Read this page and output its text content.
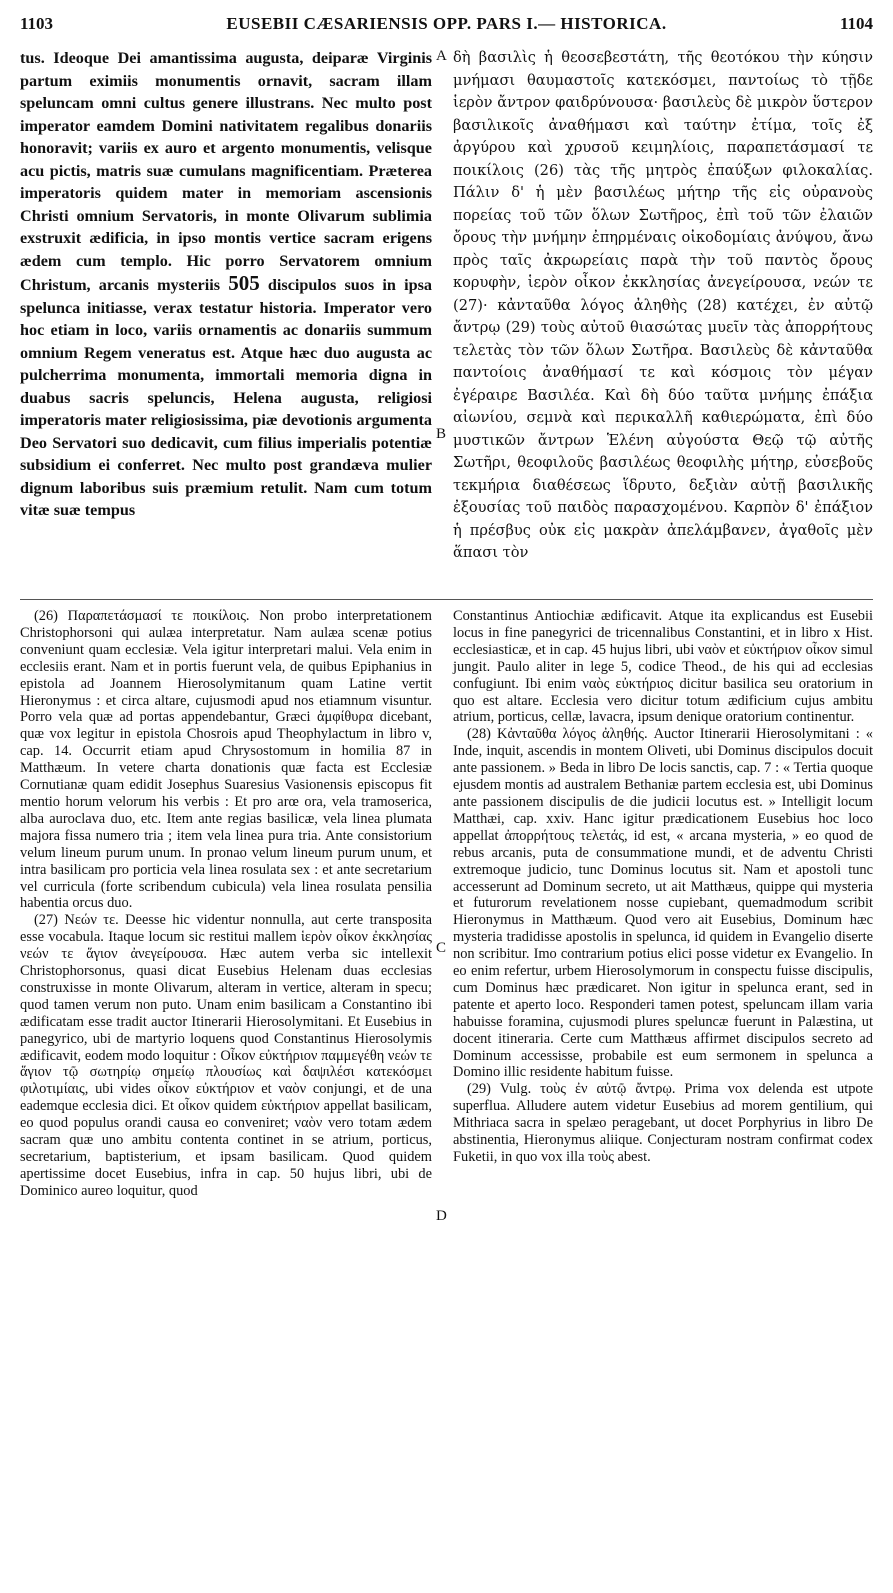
1103	EUSEBII CÆSARIENSIS OPP. PARS I.— HISTORICA.	1104

tus. Ideoque Dei amantissima augusta, deiparæ Virginis partum eximiis monumentis ornavit, sacram illam speluncam omni cultus genere illustrans. Nec multo post imperator eamdem Domini nativitatem regalibus donariis honoravit; variis ex auro et argento monumentis, velisque acu pictis, matris suæ cumulans magnificentiam. Præterea imperatoris quidem mater in memoriam ascensionis Christi omnium Servatoris, in monte Olivarum sublimia exstruxit ædificia, in ipso montis vertice sacram erigens ædem cum templo. Hic porro Servatorem omnium Christum, arcanis mysteriis 505 discipulos suos in ipsa spelunca initiasse, verax testatur historia. Imperator vero hoc etiam in loco, variis ornamentis ac donariis summum omnium Regem veneratus est. Atque hæc duo augusta ac pulcherrima monumenta, immortali memoria digna in duabus sacris speluncis, Helena augusta, religiosi imperatoris mater religiosissima, piæ devotionis argumenta Deo Servatori suo dedicavit, cum filius imperialis potentiæ subsidium ei conferret. Nec multo post grandæva mulier dignum laboribus suis præmium retulit. Nam cum totum vitæ suæ tempus

A
B
C
D

δὴ βασιλὶς ἡ θεοσεβεστάτη, τῆς θεοτόκου τὴν κύησιν μνήμασι θαυμαστοῖς κατεκόσμει, παντοίως τὸ τῇδε ἱερὸν ἄντρον φαιδρύνουσα· βασιλεὺς δὲ μικρὸν ὕστερον βασιλικοῖς ἀναθήμασι καὶ ταύτην ἐτίμα, τοῖς ἐξ ἀργύρου καὶ χρυσοῦ κειμηλίοις, παραπετάσμασί τε ποικίλοις (26) τὰς τῆς μητρὸς ἐπαύξων φιλοκαλίας. Πάλιν δ' ἡ μὲν βασιλέως μήτηρ τῆς εἰς οὐρανοὺς πορείας τοῦ τῶν ὅλων Σωτῆρος, ἐπὶ τοῦ τῶν ἐλαιῶν ὄρους τὴν μνήμην ἐπηρμέναις οἰκοδομίαις ἀνύψου, ἄνω πρὸς ταῖς ἀκρωρείαις παρὰ τὴν τοῦ παντὸς ὄρους κορυφὴν, ἱερὸν οἶκον ἐκκλησίας ἀνεγείρουσα, νεών τε (27)· κἀνταῦθα λόγος ἀληθὴς (28) κατέχει, ἐν αὐτῷ ἄντρῳ (29) τοὺς αὐτοῦ θιασώτας μυεῖν τὰς ἀπορρήτους τελετὰς τὸν τῶν ὅλων Σωτῆρα. Βασιλεὺς δὲ κἀνταῦθα παντοίοις ἀναθήμασί τε καὶ κόσμοις τὸν μέγαν ἐγέραιρε Βασιλέα. Καὶ δὴ δύο ταῦτα μνήμης ἐπάξια αἰωνίου, σεμνὰ καὶ περικαλλῆ καθιερώματα, ἐπὶ δύο μυστικῶν ἄντρων Ἑλένη αὐγούστα Θεῷ τῷ αὐτῆς Σωτῆρι, θεοφιλοῦς βασιλέως θεοφιλὴς μήτηρ, εὐσεβοῦς τεκμήρια διαθέσεως ἵδρυτο, δεξιὰν αὐτῇ βασιλικῆς ἐξουσίας τοῦ παιδὸς παρασχομένου. Καρπὸν δ' ἐπάξιον ἡ πρέσβυς οὐκ εἰς μακρὰν ἀπελάμβανεν, ἀγαθοῖς μὲν ἅπασι τὸν

(26) Παραπετάσμασί τε ποικίλοις. Non probo interpretationem Christophorsoni qui aulæa interpretatur. Nam aulæa scenæ potius conveniunt quam ecclesiæ. Vela igitur interpretari malui. Vela enim in ecclesiis erant. Nam et in portis fuerunt vela, de quibus Epiphanius in epistola ad Joannem Hierosolymitanum quam Latine vertit Hieronymus : et circa altare, cujusmodi apud nos etiamnum visuntur. Porro vela quæ ad portas appendebantur, Græci ἀμφίθυρα dicebant, quæ vox legitur in epistola Chosrois apud Theophylactum in libro v, cap. 14. Occurrit etiam apud Chrysostomum in homilia 87 in Matthæum. In vetere charta donationis quæ facta est Ecclesiæ Cornutianæ quam edidit Josephus Suaresius Vasionensis episcopus fit mentio horum velorum his verbis : Et pro arœ ora, vela tramoserica, alba auroclava duo, etc. Item ante regias basilicæ, vela linea plumata majora fissa numero tria ; item vela linea pura tria. Ante consistorium velum lineum purum unum. In pronao velum lineum purum unum, et intra basilicam pro porticia vela linea rosulata sex : et ante secretarium vel curricula (forte scribendum cubicula) vela linea rosulata pensilia habentia orcus duo.

(27) Νεών τε. Deesse hic videntur nonnulla, aut certe transposita esse vocabula. Itaque locum sic restitui mallem ἱερὸν οἶκον ἐκκλησίας νεών τε ἅγιον ἀνεγείρουσα. Hæc autem verba sic intellexit Christophorsonus, quasi dicat Eusebius Helenam duas ecclesias construxisse in monte Olivarum, alteram in vertice, alteram in specu; quod tamen verum non puto. Unam enim basilicam a Constantino ibi ædificatam esse tradit auctor Itinerarii Hierosolymitani. Et Eusebius in panegyrico, ubi de martyrio loquens quod Constantinus Hierosolymis ædificavit, eodem modo loquitur : Οἶκον εὐκτήριον παμμεγέθη νεών τε ἅγιον τῷ σωτηρίῳ σημείῳ πλουσίως καὶ δαψιλέσι κατεκόσμει φιλοτιμίαις, ubi vides οἶκον εὐκτήριον et ναὸν conjungi, et de una eademque ecclesia dici. Et οἶκον quidem εὐκτήριον appellat basilicam, eo quod populus orandi causa eo conveniret; ναὸν vero totam ædem sacram quæ uno ambitu contenta continet in se atrium, porticus, secretarium, baptisterium, et ipsam basilicam. Quod quidem apertissime docet Eusebius, infra in cap. 50 hujus libri, ubi de Dominico aureo loquitur, quod

Constantinus Antiochiæ ædificavit. Atque ita explicandus est Eusebii locus in fine panegyrici de tricennalibus Constantini, et in libro x Hist. ecclesiasticæ, et in cap. 45 hujus libri, ubi ναὸν et εὐκτήριον οἶκον simul jungit. Paulo aliter in lege 5, codice Theod., de his qui ad ecclesias confugiunt. Ibi enim ναὸς εὐκτήριος dicitur basilica seu oratorium in quo est altare. Ecclesia vero dicitur totum ædificium cujus ambitu atrium, porticus, cellæ, lavacra, ipsum denique oratorium continentur.

(28) Κἀνταῦθα λόγος ἀληθής. Auctor Itinerarii Hierosolymitani : « Inde, inquit, ascendis in montem Oliveti, ubi Dominus discipulos docuit ante passionem. » Beda in libro De locis sanctis, cap. 7 : « Tertia quoque ejusdem montis ad australem Bethaniæ partem ecclesia est, ubi Dominus ante passionem discipulis de die judicii locutus est. » Intelligit locum Matthæi, cap. xxiv. Hanc igitur prædicationem Eusebius hoc loco appellat ἀπορρήτους τελετάς, id est, « arcana mysteria, » eo quod de rebus arcanis, puta de consummatione mundi, et de adventu Christi extremoque judicio, tunc Dominus locutus sit. Nam et apostoli tunc accesserunt ad Dominum secreto, ut ait Matthæus, quippe qui mysteria et futurorum revelationem nosse cupiebant, quemadmodum scribit Hieronymus in Matthæum. Quod vero ait Eusebius, Dominum hæc mysteria tradidisse apostolis in spelunca, id quidem in Evangelio diserte non scribitur. Imo contrarium potius elici posse videtur ex Evangelio. In eo enim refertur, urbem Hierosolymorum in conspectu fuisse discipulis, cum Dominus hæc prædicaret. Non igitur in spelunca erant, sed in patente et aperto loco. Responderi tamen potest, speluncam illam varia habuisse foramina, cujusmodi plures speluncæ fuerunt in Palæstina, ut docent itineraria. Certe cum Matthæus affirmet discipulos secreto ad Dominum accessisse, probabile est eum sermonem in spelunca a Domino illic residente habitum fuisse.

(29) Vulg. τοὺς ἐν αὐτῷ ἄντρῳ. Prima vox delenda est utpote superflua. Alludere autem videtur Eusebius ad morem gentilium, qui Mithriaca sacra in spelæo peragebant, ut docet Porphyrius in libro De abstinentia, Hieronymus aliique. Conjecturam nostram confirmat codex Fuketii, in quo vox illa τοὺς abest.
